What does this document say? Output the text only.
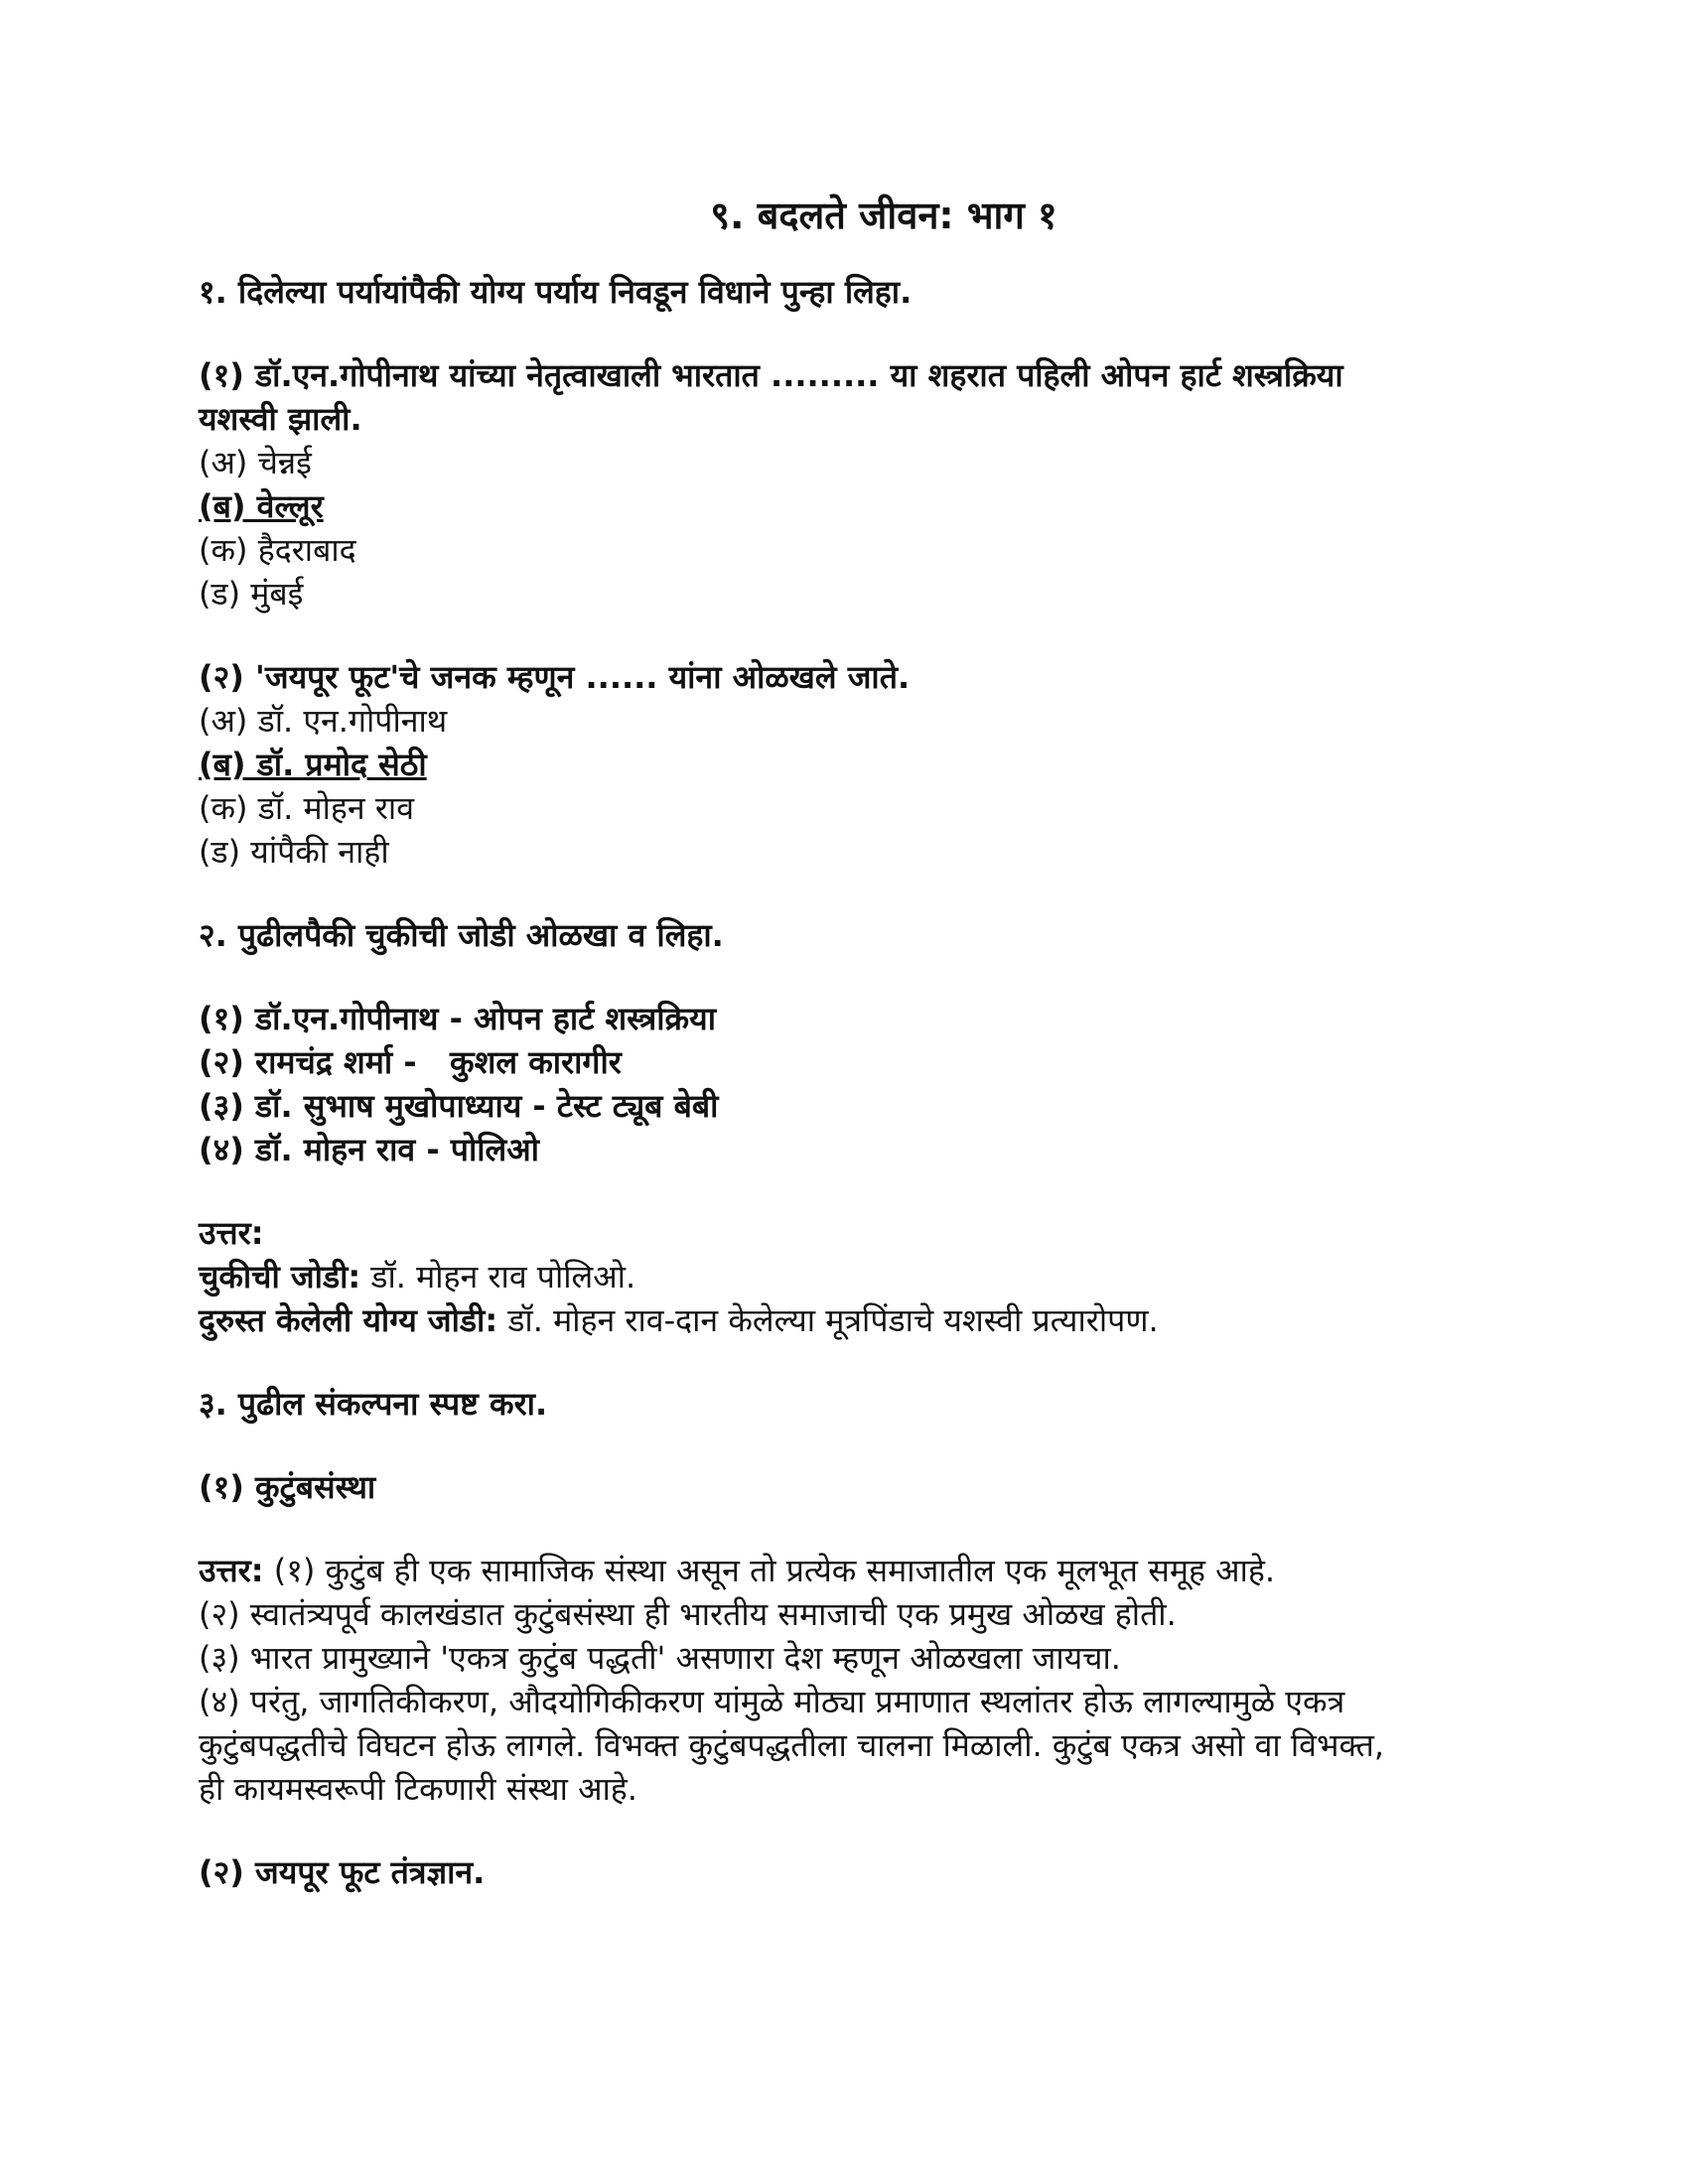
९. बदलते जीवन: भाग १

१. दिलेल्या पर्यायांपैकी योग्य पर्याय निवडून विधाने पुन्हा लिहा.

(१) डॉ.एन.गोपीनाथ यांच्या नेतृत्वाखाली भारतात ......... या शहरात पहिली ओपन हार्ट शस्त्रक्रिया

यशस्वी झाली.

(अ) चेन्नई

(ब) वेल्लूर

(क) हैदराबाद

(ड) मुंबई

(२) 'जयपूर फूट'चे जनक म्हणून ...... यांना ओळखले जाते.

(अ) डॉ. एन.गोपीनाथ

(ब) डॉ. प्रमोद सेठी

(क) डॉ. मोहन राव

(ड) यांपैकी नाही

२. पुढीलपैकी चुकीची जोडी ओळखा व लिहा.

(१) डॉ.एन.गोपीनाथ - ओपन हार्ट शस्त्रक्रिया

(२) रामचंद्र शर्मा -   कुशल कारागीर

(३) डॉ. सुभाष मुखोपाध्याय - टेस्ट ट्यूब बेबी

(४) डॉ. मोहन राव - पोलिओ

उत्तर:

चुकीची जोडी: डॉ. मोहन राव पोलिओ.

दुरुस्त केलेली योग्य जोडी: डॉ. मोहन राव-दान केलेल्या मूत्रपिंडाचे यशस्वी प्रत्यारोपण.

३. पुढील संकल्पना स्पष्ट करा.

(१) कुटुंबसंस्था

उत्तर: (१) कुटुंब ही एक सामाजिक संस्था असून तो प्रत्येक समाजातील एक मूलभूत समूह आहे.

(२) स्वातंत्र्यपूर्व कालखंडात कुटुंबसंस्था ही भारतीय समाजाची एक प्रमुख ओळख होती.

(३) भारत प्रामुख्याने 'एकत्र कुटुंब पद्धती' असणारा देश म्हणून ओळखला जायचा.

(४) परंतु, जागतिकीकरण, औदयोगिकीकरण यांमुळे मोठ्या प्रमाणात स्थलांतर होऊ लागल्यामुळे एकत्र

कुटुंबपद्धतीचे विघटन होऊ लागले. विभक्त कुटुंबपद्धतीला चालना मिळाली. कुटुंब एकत्र असो वा विभक्त,

ही कायमस्वरूपी टिकणारी संस्था आहे.

(२) जयपूर फूट तंत्रज्ञान.
